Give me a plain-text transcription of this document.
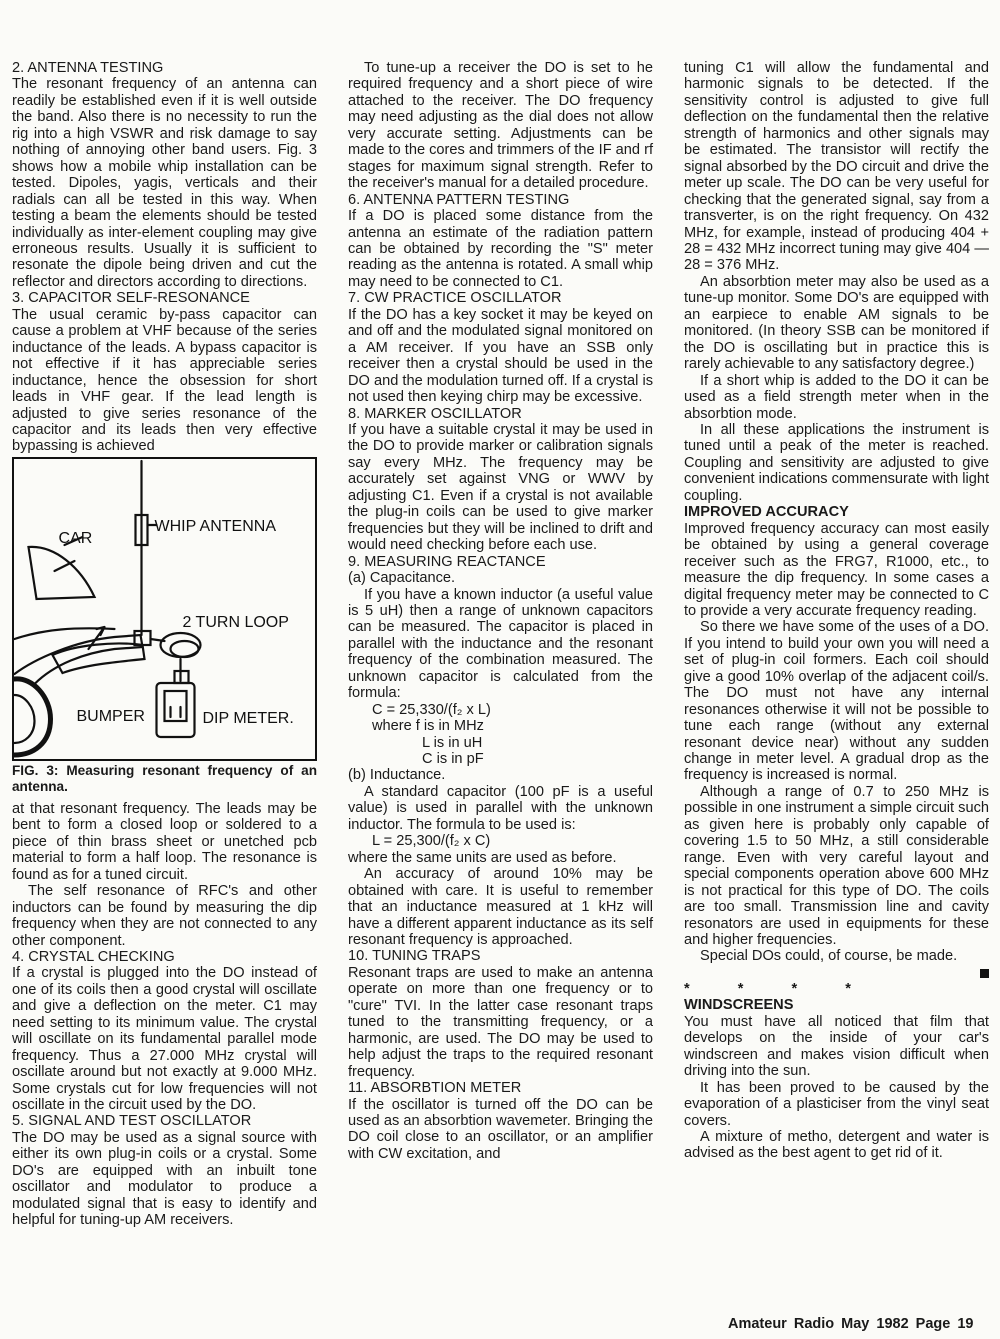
2. ANTENNA TESTING

The resonant frequency of an antenna can readily be established even if it is well outside the band. Also there is no necessity to run the rig into a high VSWR and risk damage to say nothing of annoying other band users. Fig. 3 shows how a mobile whip installation can be tested. Dipoles, yagis, verticals and their radials can all be tested in this way. When testing a beam the elements should be tested individually as inter-element coupling may give erroneous results. Usually it is sufficient to resonate the dipole being driven and cut the reflector and directors according to directions.

3. CAPACITOR SELF-RESONANCE

The usual ceramic by-pass capacitor can cause a problem at VHF because of the series inductance of the leads. A bypass capacitor is not effective if it has appreciable series inductance, hence the obsession for short leads in VHF gear. If the lead length is adjusted to give series resonance of the capacitor and its leads then very effective bypassing is achieved

WHIP ANTENNA
CAR
2 TURN LOOP
BUMPER	DIP METER.

FIG. 3: Measuring resonant frequency of an antenna.

at that resonant frequency. The leads may be bent to form a closed loop or soldered to a piece of thin brass sheet or unetched pcb material to form a half loop. The resonance is found as for a tuned circuit.

The self resonance of RFC's and other inductors can be found by measuring the dip frequency when they are not connected to any other component.

4. CRYSTAL CHECKING

If a crystal is plugged into the DO instead of one of its coils then a good crystal will oscillate and give a deflection on the meter. C1 may need setting to its minimum value. The crystal will oscillate on its fundamental parallel mode frequency. Thus a 27.000 MHz crystal will oscillate around but not exactly at 9.000 MHz. Some crystals cut for low frequencies will not oscillate in the circuit used by the DO.

5. SIGNAL AND TEST OSCILLATOR

The DO may be used as a signal source with either its own plug-in coils or a crystal. Some DO's are equipped with an inbuilt tone oscillator and modulator to produce a modulated signal that is easy to identify and helpful for tuning-up AM receivers.

To tune-up a receiver the DO is set to he required frequency and a short piece of wire attached to the receiver. The DO frequency may need adjusting as the dial does not allow very accurate setting. Adjustments can be made to the cores and trimmers of the IF and rf stages for maximum signal strength. Refer to the receiver's manual for a detailed procedure.

6. ANTENNA PATTERN TESTING

If a DO is placed some distance from the antenna an estimate of the radiation pattern can be obtained by recording the "S" meter reading as the antenna is rotated. A small whip may need to be connected to C1.

7. CW PRACTICE OSCILLATOR

If the DO has a key socket it may be keyed on and off and the modulated signal monitored on a AM receiver. If you have an SSB only receiver then a crystal should be used in the DO and the modulation turned off. If a crystal is not used then keying chirp may be excessive.

8. MARKER OSCILLATOR

If you have a suitable crystal it may be used in the DO to provide marker or calibration signals say every MHz. The frequency may be accurately set against VNG or WWV by adjusting C1. Even if a crystal is not available the plug-in coils can be used to give marker frequencies but they will be inclined to drift and would need checking before each use.

9. MEASURING REACTANCE

(a) Capacitance.

If you have a known inductor (a useful value is 5 uH) then a range of unknown capacitors can be measured. The capacitor is placed in parallel with the inductance and the resonant frequency of the combination measured. The unknown capacitor is calculated from the formula:

C = 25,330/(f₂ x L)

where f is in MHz

L is in uH

C is in pF

(b) Inductance.

A standard capacitor (100 pF is a useful value) is used in parallel with the unknown inductor. The formula to be used is:

L = 25,300/(f₂ x C)

where the same units are used as before.

An accuracy of around 10% may be obtained with care. It is useful to remember that an inductance measured at 1 kHz will have a different apparent inductance as its self resonant frequency is approached.

10. TUNING TRAPS

Resonant traps are used to make an antenna operate on more than one frequency or to "cure" TVI. In the latter case resonant traps tuned to the transmitting frequency, or a harmonic, are used. The DO may be used to help adjust the traps to the required resonant frequency.

11. ABSORBTION METER

If the oscillator is turned off the DO can be used as an absorbtion wavemeter. Bringing the DO coil close to an oscillator, or an amplifier with CW excitation, and

tuning C1 will allow the fundamental and harmonic signals to be detected. If the sensitivity control is adjusted to give full deflection on the fundamental then the relative strength of harmonics and other signals may be estimated. The transistor will rectify the signal absorbed by the DO circuit and drive the meter up scale. The DO can be very useful for checking that the generated signal, say from a transverter, is on the right frequency. On 432 MHz, for example, instead of producing 404 + 28 = 432 MHz incorrect tuning may give 404 — 28 = 376 MHz.

An absorbtion meter may also be used as a tune-up monitor. Some DO's are equipped with an earpiece to enable AM signals to be monitored. (In theory SSB can be monitored if the DO is oscillating but in practice this is rarely achievable to any satisfactory degree.)

If a short whip is added to the DO it can be used as a field strength meter when in the absorbtion mode.

In all these applications the instrument is tuned until a peak of the meter is reached. Coupling and sensitivity are adjusted to give convenient indications commensurate with light coupling.

IMPROVED ACCURACY

Improved frequency accuracy can most easily be obtained by using a general coverage receiver such as the FRG7, R1000, etc., to measure the dip frequency. In some cases a digital frequency meter may be connected to C to provide a very accurate frequency reading.

So there we have some of the uses of a DO. If you intend to build your own you will need a set of plug-in coil formers. Each coil should give a good 10% overlap of the adjacent coil/s. The DO must not have any internal resonances otherwise it will not be possible to tune each range (without any external resonant device near) without any sudden change in meter level. A gradual drop as the frequency is increased is normal.

Although a range of 0.7 to 250 MHz is possible in one instrument a simple circuit such as given here is probably only capable of covering 1.5 to 50 MHz, a still considerable range. Even with very careful layout and special components operation above 600 MHz is not practical for this type of DO. The coils are too small. Transmission line and cavity resonators are used in equipments for these and higher frequencies.

Special DOs could, of course, be made.

* * * *

WINDSCREENS

You must have all noticed that film that develops on the inside of your car's windscreen and makes vision difficult when driving into the sun.

It has been proved to be caused by the evaporation of a plasticiser from the vinyl seat covers.

A mixture of metho, detergent and water is advised as the best agent to get rid of it.

Amateur Radio May 1982 Page 19
